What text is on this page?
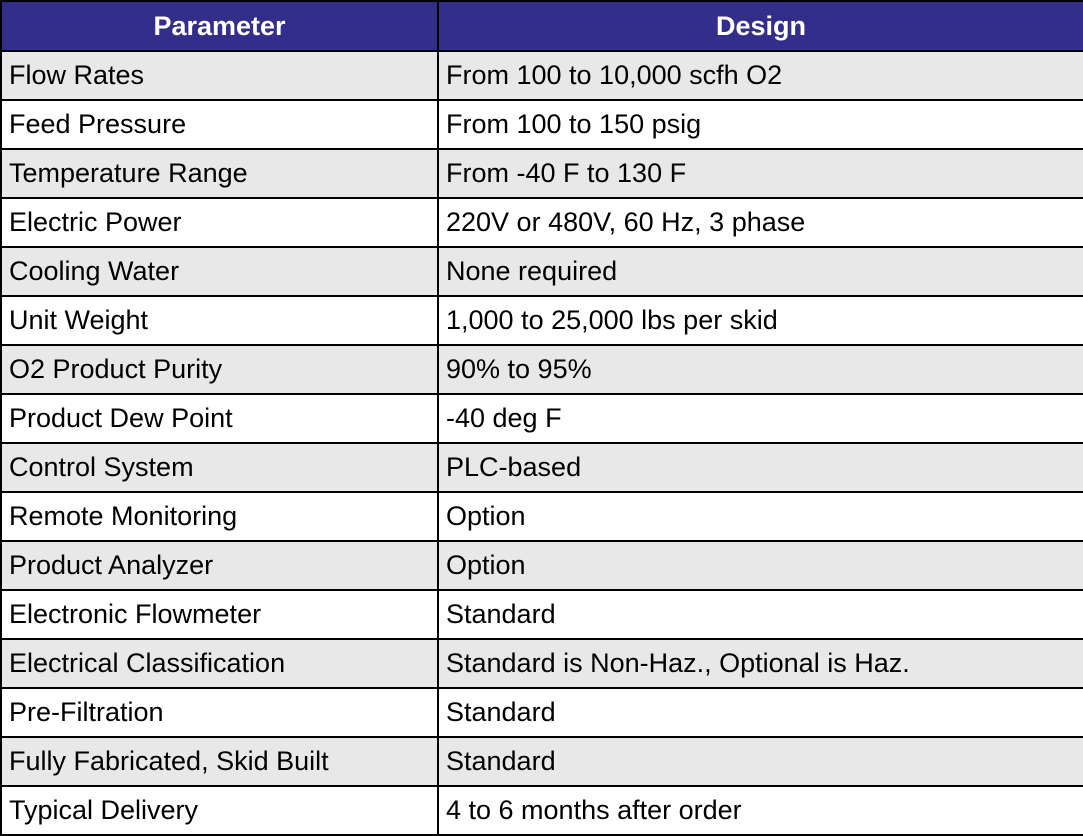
Parameter	Design
Flow Rates	From 100 to 10,000 scfh O2
Feed Pressure	From 100 to 150 psig
Temperature Range	From -40 F to 130 F
Electric Power	220V or 480V, 60 Hz, 3 phase
Cooling Water	None required
Unit Weight	1,000 to 25,000 lbs per skid
O2 Product Purity	90% to 95%
Product Dew Point	-40 deg F
Control System	PLC-based
Remote Monitoring	Option
Product Analyzer	Option
Electronic Flowmeter	Standard
Electrical Classification	Standard is Non-Haz., Optional is Haz.
Pre-Filtration	Standard
Fully Fabricated, Skid Built	Standard
Typical Delivery	4 to 6 months after order
